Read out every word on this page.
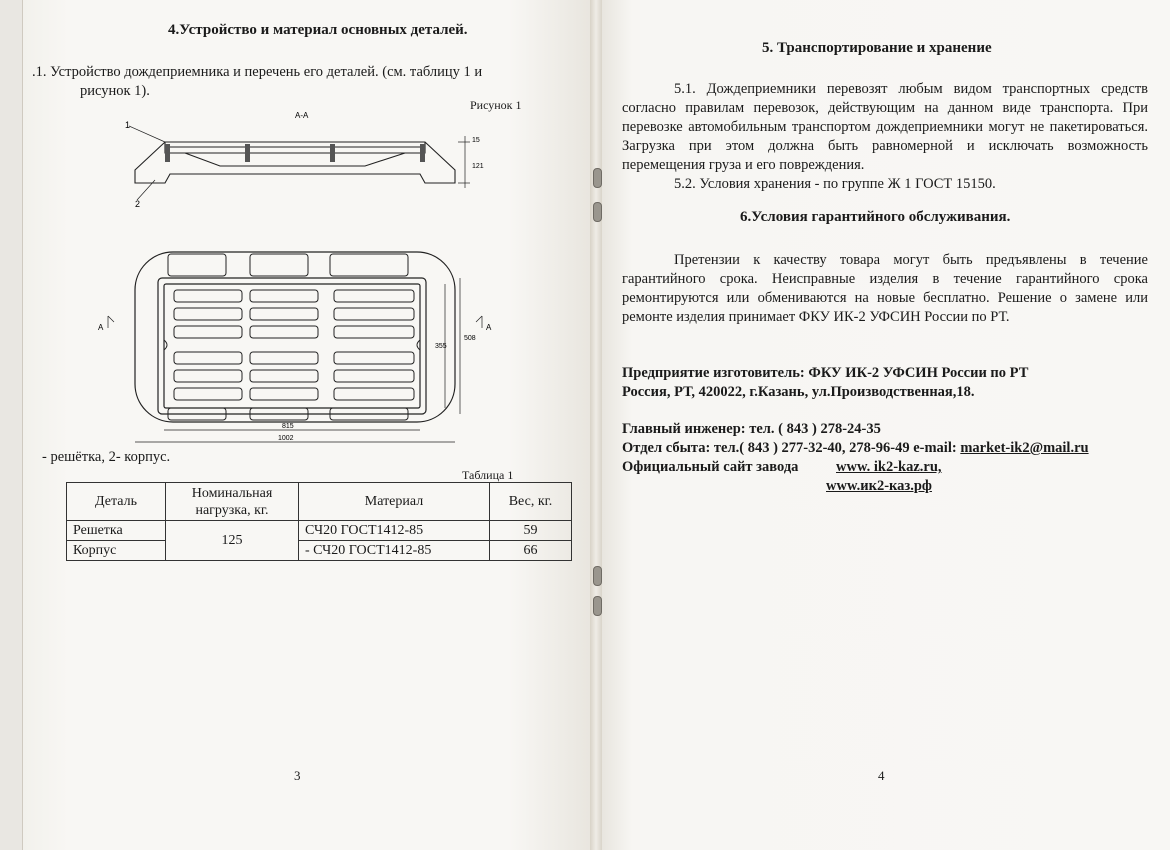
4.Устройство и материал основных деталей.
.1. Устройство дождеприемника и перечень его деталей. (см. таблицу 1 и
рисунок 1).
Рисунок 1
А-А
1
2
15
121
А	А
815
1002
355
508
- решётка, 2- корпус.
Таблица 1
Деталь	Номинальная нагрузка, кг.	Материал	Вес, кг.
Решетка	125	СЧ20 ГОСТ1412-85	59
Корпус		- СЧ20 ГОСТ1412-85	66
3
5. Транспортирование и хранение
5.1. Дождеприемники перевозят любым видом транспортных средств согласно правилам перевозок, действующим на данном виде транспорта. При перевозке автомобильным транспортом дождеприемники могут не пакетироваться. Загрузка при этом должна быть равномерной и исключать возможность перемещения груза и его повреждения.
5.2. Условия хранения - по группе Ж 1 ГОСТ 15150.
6.Условия гарантийного обслуживания.
Претензии к качеству товара могут быть предъявлены в течение гарантийного срока. Неисправные изделия в течение гарантийного срока ремонтируются или обмениваются на новые бесплатно. Решение о замене или ремонте изделия принимает ФКУ ИК-2 УФСИН России по РТ.
Предприятие изготовитель: ФКУ ИК-2 УФСИН России по РТ
Россия, РТ, 420022, г.Казань, ул.Производственная,18.
Главный инженер: тел. ( 843 ) 278-24-35
Отдел сбыта: тел.( 843 ) 277-32-40, 278-96-49 e-mail: market-ik2@mail.ru
Официальный сайт завода	www. ik2-kaz.ru,
www.ик2-каз.рф
4
